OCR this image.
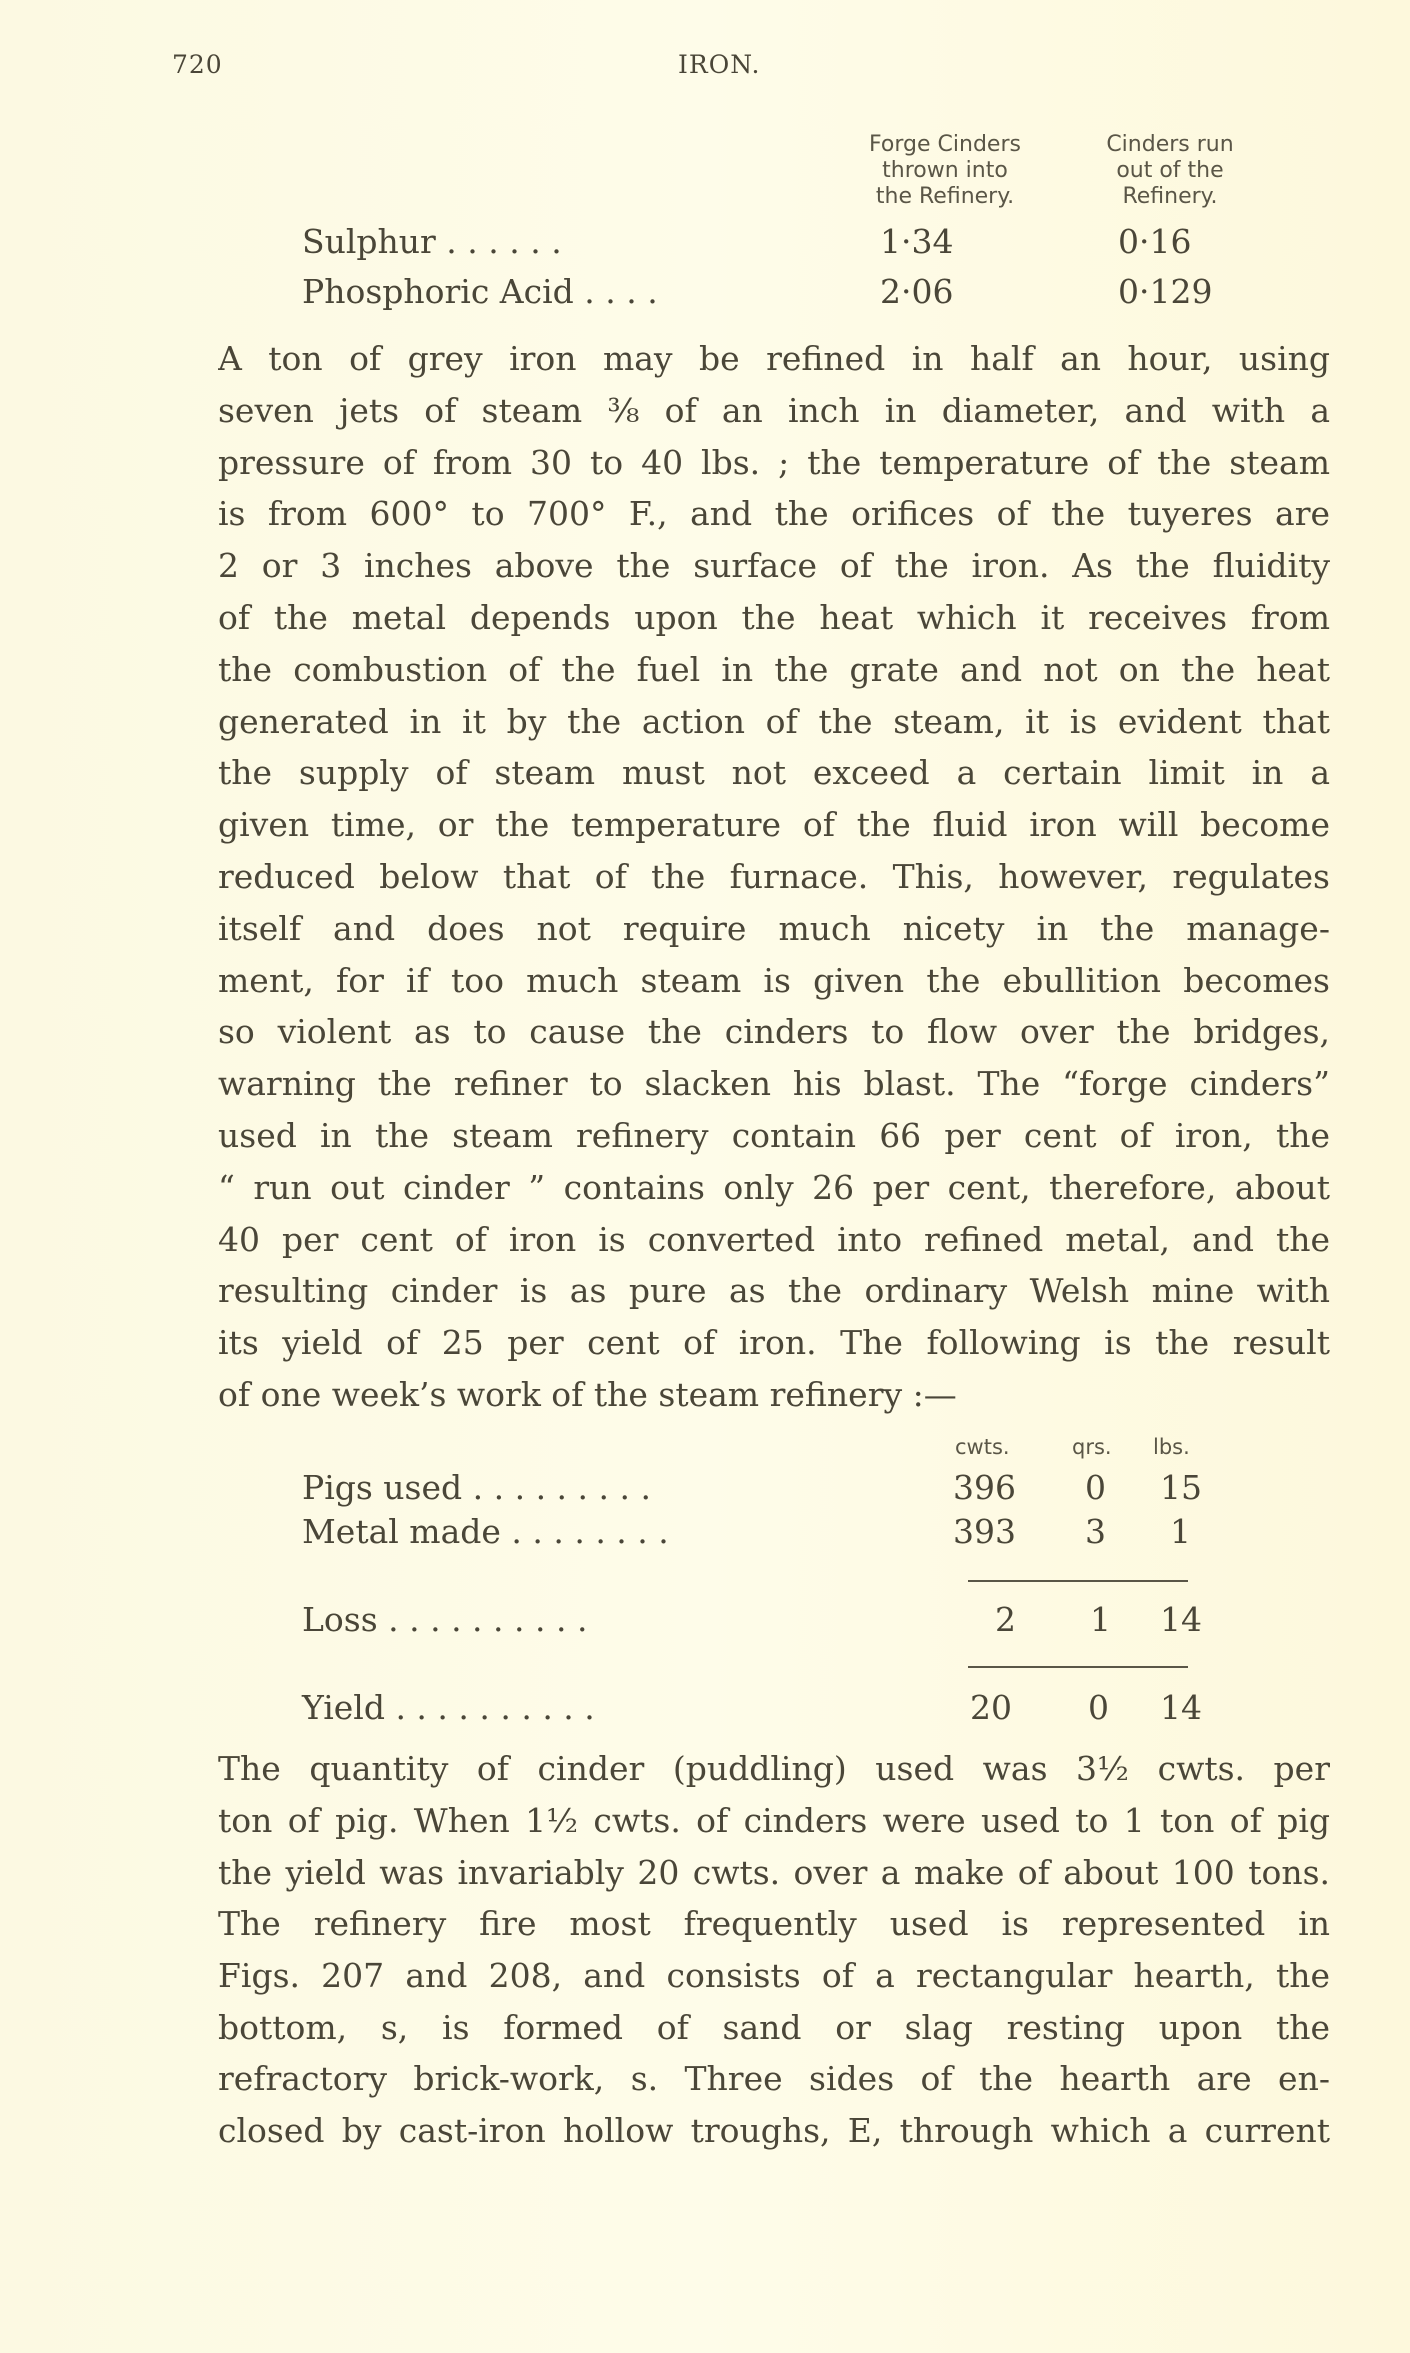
720	IRON.
Forge Cinders
thrown into
the Refinery.
Cinders run
out of the
Refinery.
Sulphur . . . . . .	1·34	0·16
Phosphoric Acid . . . .	2·06	0·129
A ton of grey iron may be refined in half an hour, using
seven jets of steam ⅜ of an inch in diameter, and with a
pressure of from 30 to 40 lbs. ; the temperature of the steam
is from 600° to 700° F., and the orifices of the tuyeres are
2 or 3 inches above the surface of the iron. As the fluidity
of the metal depends upon the heat which it receives from
the combustion of the fuel in the grate and not on the heat
generated in it by the action of the steam, it is evident that
the supply of steam must not exceed a certain limit in a
given time, or the temperature of the fluid iron will become
reduced below that of the furnace. This, however, regulates
itself and does not require much nicety in the manage-
ment, for if too much steam is given the ebullition becomes
so violent as to cause the cinders to flow over the bridges,
warning the refiner to slacken his blast. The “forge cinders”
used in the steam refinery contain 66 per cent of iron, the
“ run out cinder ” contains only 26 per cent, therefore, about
40 per cent of iron is converted into refined metal, and the
resulting cinder is as pure as the ordinary Welsh mine with
its yield of 25 per cent of iron. The following is the result
of one week’s work of the steam refinery :—
cwts.	qrs. lbs.
Pigs used . . . . . . . . .	396 0 15
Metal made . . . . . . . .	393 3 1
Loss . . . . . . . . . .	2 1 14
Yield . . . . . . . . . .	20 0 14
The quantity of cinder (puddling) used was 3½ cwts. per
ton of pig. When 1½ cwts. of cinders were used to 1 ton of pig
the yield was invariably 20 cwts. over a make of about 100 tons.
The refinery fire most frequently used is represented in
Figs. 207 and 208, and consists of a rectangular hearth, the
bottom, s, is formed of sand or slag resting upon the
refractory brick-work, s. Three sides of the hearth are en-
closed by cast-iron hollow troughs, E, through which a current
